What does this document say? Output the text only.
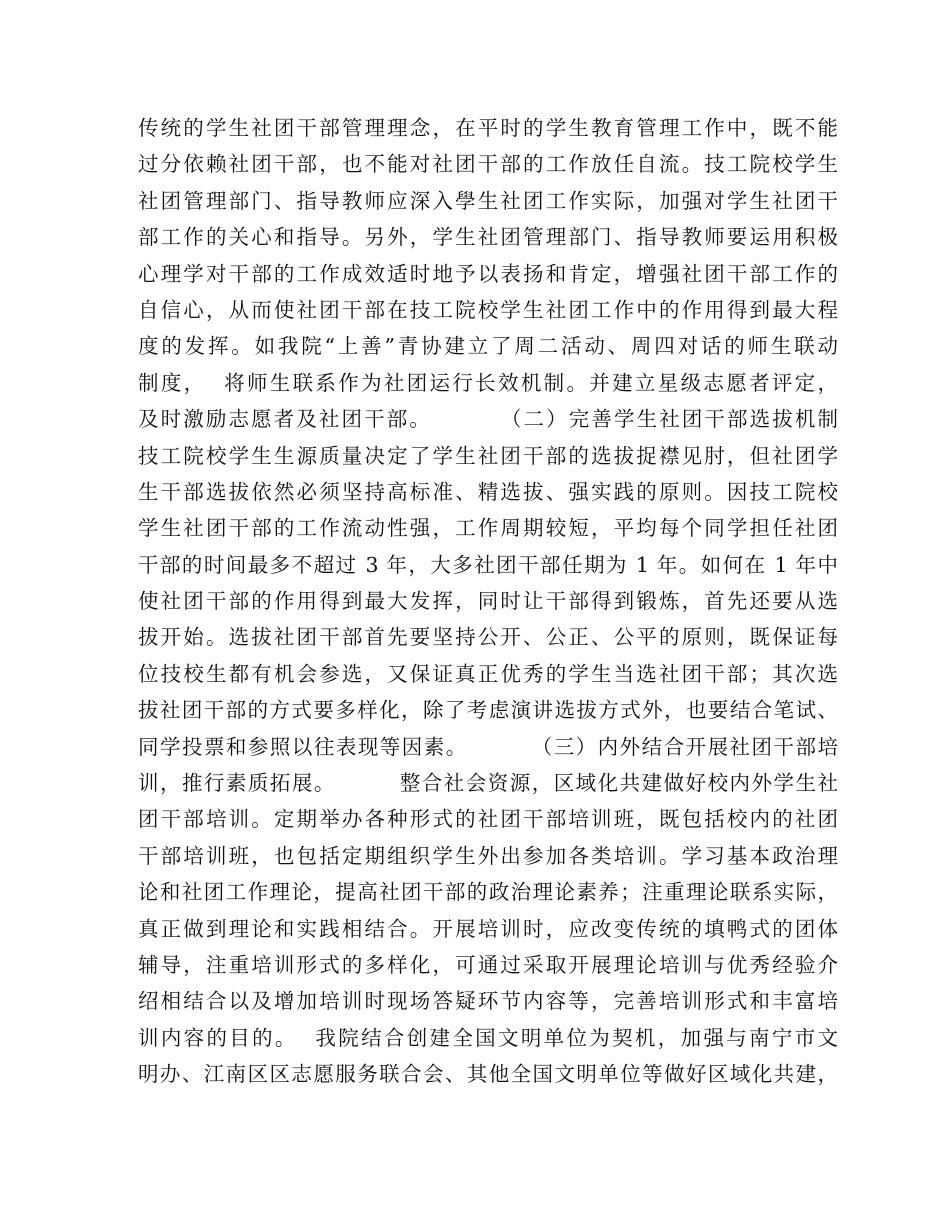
传统的学生社团干部管理理念，在平时的学生教育管理工作中，既不能
过分依赖社团干部，也不能对社团干部的工作放任自流。技工院校学生
社团管理部门、指导教师应深入學生社团工作实际，加强对学生社团干
部工作的关心和指导。另外，学生社团管理部门、指导教师要运用积极
心理学对干部的工作成效适时地予以表扬和肯定，增强社团干部工作的
自信心，从而使社团干部在技工院校学生社团工作中的作用得到最大程
度的发挥。如我院“上善”青协建立了周二活动、周四对话的师生联动
制度，  将师生联系作为社团运行长效机制。并建立星级志愿者评定，
及时激励志愿者及社团干部。        （二）完善学生社团干部选拔机制
技工院校学生生源质量决定了学生社团干部的选拔捉襟见肘，但社团学
生干部选拔依然必须坚持高标准、精选拔、强实践的原则。因技工院校
学生社团干部的工作流动性强，工作周期较短，平均每个同学担任社团
干部的时间最多不超过 3 年，大多社团干部任期为 1 年。如何在 1 年中
使社团干部的作用得到最大发挥，同时让干部得到锻炼，首先还要从选
拔开始。选拔社团干部首先要坚持公开、公正、公平的原则，既保证每
位技校生都有机会参选，又保证真正优秀的学生当选社团干部；其次选
拔社团干部的方式要多样化，除了考虑演讲选拔方式外，也要结合笔试、
同学投票和参照以往表现等因素。        （三）内外结合开展社团干部培
训，推行素质拓展。        整合社会资源，区域化共建做好校内外学生社
团干部培训。定期举办各种形式的社团干部培训班，既包括校内的社团
干部培训班，也包括定期组织学生外出参加各类培训。学习基本政治理
论和社团工作理论，提高社团干部的政治理论素养；注重理论联系实际，
真正做到理论和实践相结合。开展培训时，应改变传统的填鸭式的团体
辅导，注重培训形式的多样化，可通过采取开展理论培训与优秀经验介
绍相结合以及增加培训时现场答疑环节内容等，完善培训形式和丰富培
训内容的目的。  我院结合创建全国文明单位为契机，加强与南宁市文
明办、江南区区志愿服务联合会、其他全国文明单位等做好区域化共建，
